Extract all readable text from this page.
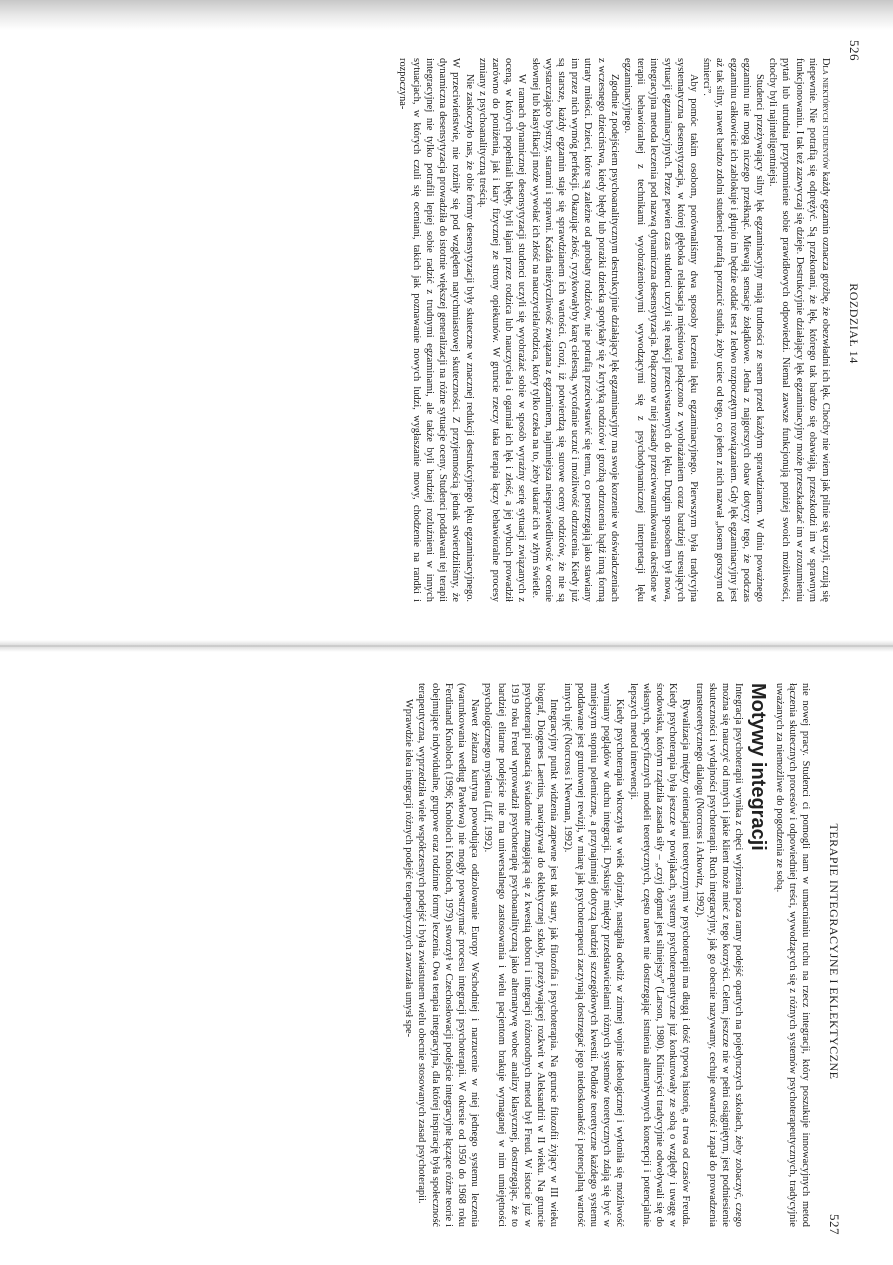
526
ROZDZIAŁ 14

Dla niektórych studentów każdy egzamin oznacza groźbę, że obezwładni ich lęk. Choćby nie wiem jak pilnie się uczyli, czują się niepewnie. Nie potrafią się odprężyć. Są przekonani, że lęk, którego tak bardzo się obawiają, przeszkodzi im w sprawnym funkcjonowaniu. I tak też zazwyczaj się dzieje. Destrukcyjnie działający lęk egzaminacyjny może przeszkadzać im w zrozumieniu pytań lub utrudnia przypomnienie sobie prawidłowych odpowiedzi. Niemal zawsze funkcjonują poniżej swoich możliwości, choćby byli najinteligentniejsi.

Studenci przeżywający silny lęk egzaminacyjny mają trudności ze snem przed każdym sprawdzianem. W dniu poważnego egzaminu nie mogą niczego przełknąć. Miewają sensacje żołądkowe. Jedna z najgorszych obaw dotyczy tego, że podczas egzaminu całkowicie ich zablokuje i głupio im będzie oddać test z ledwo rozpoczętym rozwiązaniem. Gdy lęk egzaminacyjny jest aż tak silny, nawet bardzo zdolni studenci potrafią porzucić studia, żeby uciec od tego, co jeden z nich nazwał „losem gorszym od śmierci”.

Aby pomóc takim osobom, porównaliśmy dwa sposoby leczenia lęku egzaminacyjnego. Pierwszym była tradycyjna systematyczna desensytyzacja, w której głęboka relaksacja mięśniowa połączono z wyobrażaniem coraz bardziej stresujących sytuacji egzaminacyjnych. Przez pewien czas studenci uczyli się reakcji przeciwstawnych do lęku. Drugim sposobem był nowa, integracyjna metoda leczenia pod nazwą dynamiczna desensytyzacja. Połączono w niej zasady przeciwwarunkowania określone w terapii behawioralnej z technikami wyobrażeniowymi wywodzącymi się z psychodynamicznej interpretacji lęku egzaminacyjnego.

Zgodnie z podejściem psychoanalitycznym destrukcyjnie działający lęk egzaminacyjny ma swoje korzenie w doświadczeniach z wczesnego dzieciństwa, kiedy błędy lub porażki dziecka spotykały się z krytyką rodziców i groźbą odrzucenia bądź inną formą utraty miłości. Dzieci, które są zależne od aprobaty rodziców, nie potrafią przeciwstawić się temu, co postrzegają jako stawiany im przez nich wymóg perfekcji. Okazując złość, ryzykowałyby karę cielesną, wycofanie uczuć i możliwość odrzucenia. Kiedy już są starsze, każdy egzamin staje się sprawdzianem ich wartości. Grozi, iż potwierdzą się surowe oceny rodziców, że nie są wystarczająco bystrzy, staranni i sprawni. Każda nieżyczliwość związana z egzaminem, najmniejsza niesprawiedliwość w ocenie słownej lub klasyfikacji może wywołać ich złość na nauczyciela/rodzica, który tylko czeka na to, żeby ukarać ich w złym świetle.

W ramach dynamicznej desensytyzacji studenci uczyli się wyobrażać sobie w sposób wyraźny serię sytuacji związanych z oceną, w których popełniali błędy, byli łajani przez rodzica lub nauczyciela i ogarniał ich lęk i złość, a jej wybuch prowadził zarówno do poniżenia, jak i kary fizycznej ze strony opiekunów. W gruncie rzeczy taka terapia łączy behawioralne procesy zmiany z psychoanalityczną treścią.

Nie zaskoczyło nas, że obie formy desensytyzacji były skuteczne w znacznej redukcji destrukcyjnego lęku egzaminacyjnego. W przeciwieństwie, nie rożniły się pod względem natychmiastowej skuteczności. Z przyjemnością jednak stwierdziliśmy, że dynamiczna desensytyzacja prowadziła do istotnie większej generalizacji na różne sytuacje oceny. Studenci poddawani tej terapii integracyjnej nie tylko potrafili lepiej sobie radzić z trudnymi egzaminami, ale także byli bardziej rozluźnieni w innych sytuacjach, w których czuli się oceniani, takich jak poznawanie nowych ludzi, wygłaszanie mowy, chodzenie na randki i rozpoczyna-

TERAPIE INTEGRACYJNE I EKLEKTYCZNE
527

nie nowej pracy. Studenci ci pomogli nam w umacnianiu ruchu na rzecz integracji, który poszukuje innowacyjnych metod łączenia skutecznych procesów i odpowiedniej treści, wywodzących się z różnych systemów psychoterapeutycznych, tradycyjnie uważanych za niemożliwe do pogodzenia ze sobą.

Motywy integracji

Integracja psychoterapii wynika z chęci wyjrzenia poza ramy podejść opartych na pojedynczych szkołach, żeby zobaczyć, czego można się nauczyć od innych i jakie klient może mieć z tego korzyści. Celem, jeszcze nie w pełni osiągniętym, jest podniesienie skuteczności i wydajności psychoterapii. Ruch integracyjny, jak go obecnie nazywamy, cechuje otwartość i zapał do prowadzenia transteoretycznego dialogu (Norcross i Arkowitz, 1992).

Rywalizacja między orientacjami teoretycznymi w psychoterapii ma długą i dość typową historię, a trwa od czasów Freuda. Kiedy psychoterapia była jeszcze w powijakach, systemy psychoterapeutyczne już konkurowały ze sobą o względy i uwagę w środowisku, którym rządziła zasada siły – „czyj dogmat jest silniejszy” (Larson, 1980). Klinicyści tradycyjnie odwoływali się do własnych, specyficznych modeli teoretycznych, często nawet nie dostrzegając istnienia alternatywnych koncepcji i potencjalnie lepszych metod interwencji.

Kiedy psychoterapia wkroczyła w wiek dojrzały, nastąpiła odwilż w zimnej wojnie ideologicznej i wyłoniła się możliwość wymiany poglądów w duchu integracji. Dyskusje między przedstawicielami różnych systemów teoretycznych zdają się być w mniejszym stopniu polemiczne, a przynajmniej dotyczą bardziej szczegółowych kwestii. Podłoże teoretyczne każdego systemu poddawane jest gruntownej rewizji, w miarę jak psychoterapeuci zaczynają dostrzegać jego niedoskonałość i potencjalną wartość innych ujęć (Norcross i Newman, 1992).

Integracyjny punkt widzenia zapewne jest tak stary, jak filozofia i psychoterapia. Na gruncie filozofii żyjący w III wieku biograf, Diogenes Laertius, nawiązywał do eklektycznej szkoły, przeżywającej rozkwit w Aleksandrii w II wieku. Na gruncie psychoterapii postacią świadomie zmagającą się z kwestią doboru i integracji różnorodnych metod był Freud. W istocie już w 1919 roku Freud wprowadził psychoterapię psychoanalityczną jako alternatywę wobec analizy klasycznej, dostrzegając, że to bardziej elitarne podejście nie ma uniwersalnego zastosowania i wielu pacjentom brakuje wymaganej w nim umiejętności psychologicznego myślenia (Liff, 1992).

Nawet żelazna kurtyna powodująca odizolowanie Europy Wschodniej i narzucenie w niej jednego systemu leczenia (warunkowania według Pawłowa) nie mogły powstrzymać procesu integracji psychoterapii. W okresie od 1950 do 1968 roku Ferdinand Knobloch (1996; Knobloch i Knobloch, 1979) stworzył w Czechosłowacji podejście integracyjne łączące różne teorie i obejmujące indywidualne, grupowe oraz rodzinne formy leczenia. Owa terapia integracyjna, dla której inspirację była społeczność terapeutyczna, wyprzedziła wiele współczesnych podejść i była zwiastunem wielu obecnie stosowanych zasad psychoterapii.

Wprawdzie idea integracji różnych podejść terapeutycznych zawrzała umysł spe-
